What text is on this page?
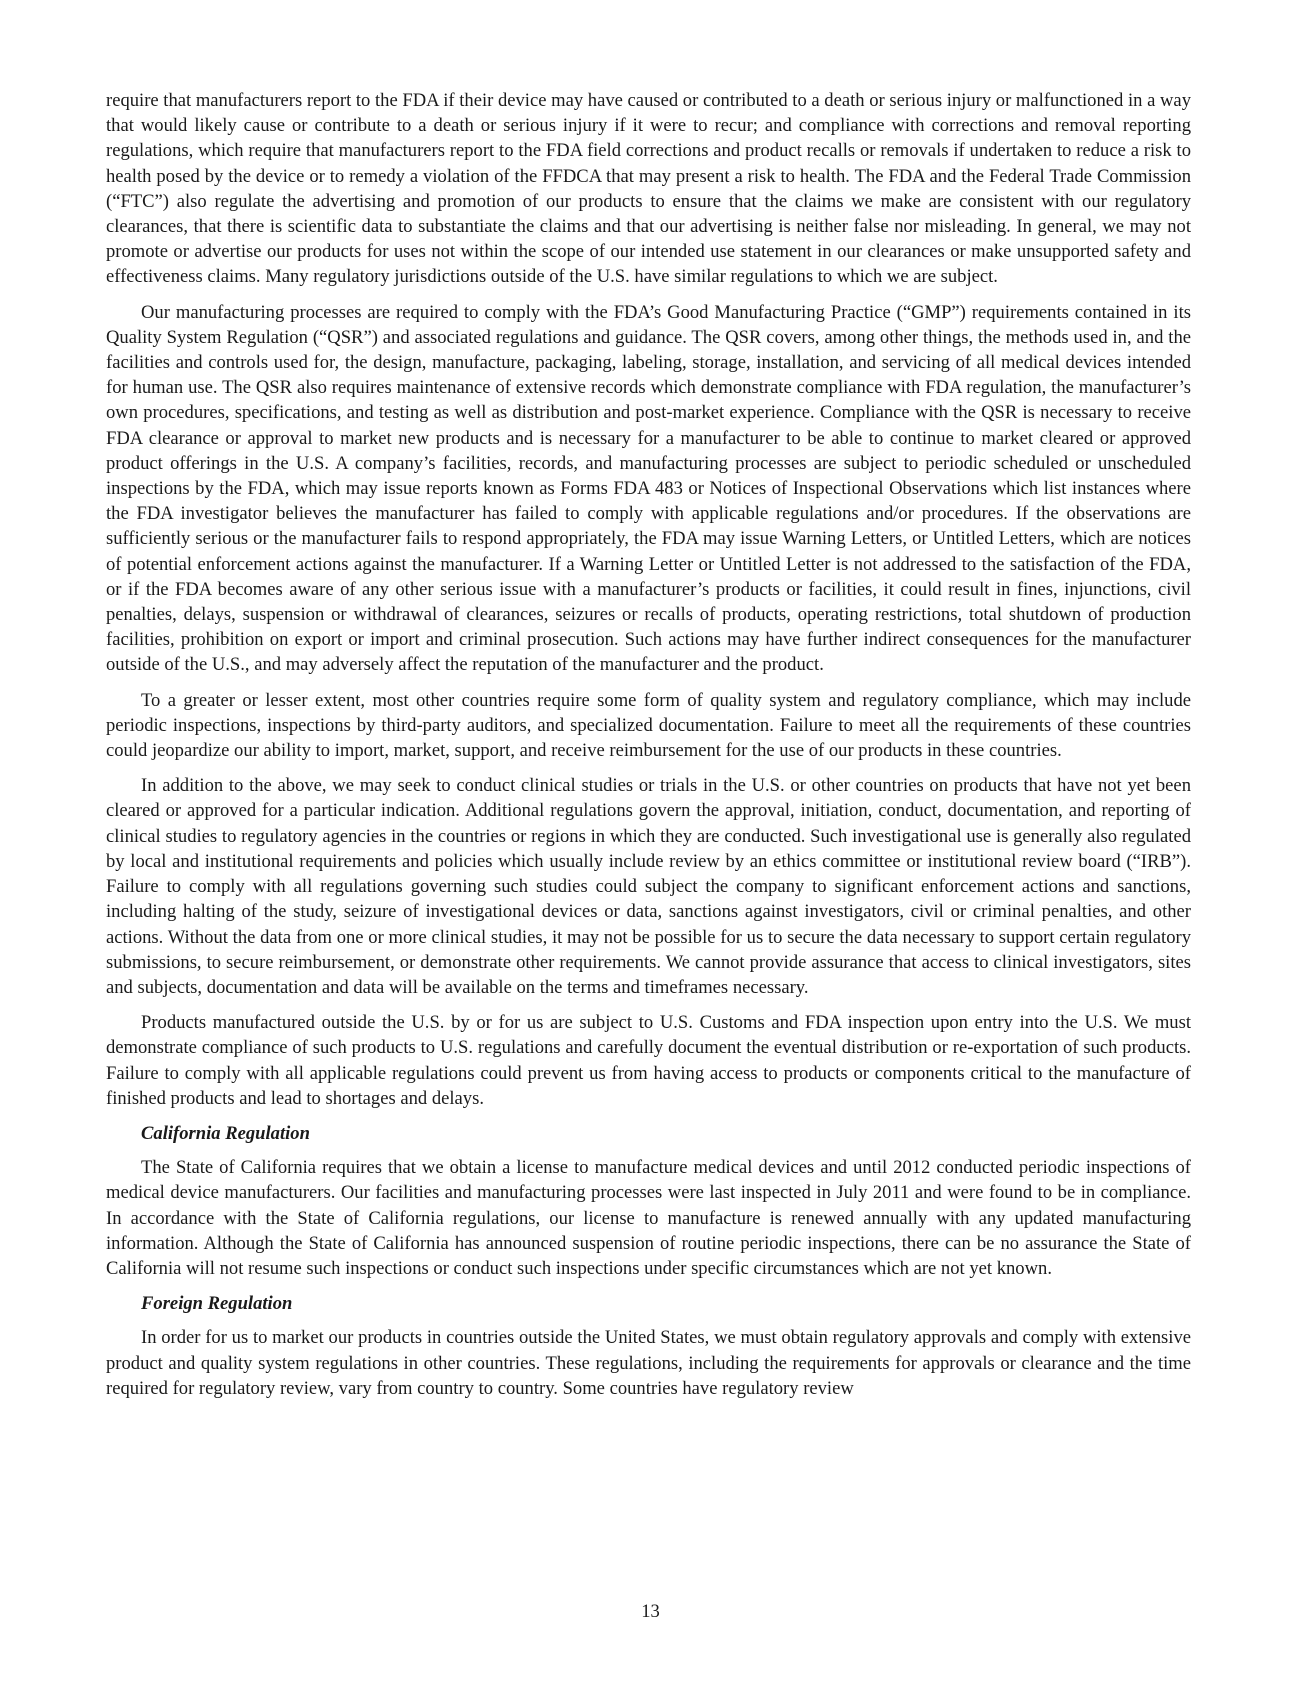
require that manufacturers report to the FDA if their device may have caused or contributed to a death or serious injury or malfunctioned in a way that would likely cause or contribute to a death or serious injury if it were to recur; and compliance with corrections and removal reporting regulations, which require that manufacturers report to the FDA field corrections and product recalls or removals if undertaken to reduce a risk to health posed by the device or to remedy a violation of the FFDCA that may present a risk to health. The FDA and the Federal Trade Commission (“FTC”) also regulate the advertising and promotion of our products to ensure that the claims we make are consistent with our regulatory clearances, that there is scientific data to substantiate the claims and that our advertising is neither false nor misleading. In general, we may not promote or advertise our products for uses not within the scope of our intended use statement in our clearances or make unsupported safety and effectiveness claims. Many regulatory jurisdictions outside of the U.S. have similar regulations to which we are subject.

Our manufacturing processes are required to comply with the FDA’s Good Manufacturing Practice (“GMP”) requirements contained in its Quality System Regulation (“QSR”) and associated regulations and guidance. The QSR covers, among other things, the methods used in, and the facilities and controls used for, the design, manufacture, packaging, labeling, storage, installation, and servicing of all medical devices intended for human use. The QSR also requires maintenance of extensive records which demonstrate compliance with FDA regulation, the manufacturer’s own procedures, specifications, and testing as well as distribution and post-market experience. Compliance with the QSR is necessary to receive FDA clearance or approval to market new products and is necessary for a manufacturer to be able to continue to market cleared or approved product offerings in the U.S. A company’s facilities, records, and manufacturing processes are subject to periodic scheduled or unscheduled inspections by the FDA, which may issue reports known as Forms FDA 483 or Notices of Inspectional Observations which list instances where the FDA investigator believes the manufacturer has failed to comply with applicable regulations and/or procedures. If the observations are sufficiently serious or the manufacturer fails to respond appropriately, the FDA may issue Warning Letters, or Untitled Letters, which are notices of potential enforcement actions against the manufacturer. If a Warning Letter or Untitled Letter is not addressed to the satisfaction of the FDA, or if the FDA becomes aware of any other serious issue with a manufacturer’s products or facilities, it could result in fines, injunctions, civil penalties, delays, suspension or withdrawal of clearances, seizures or recalls of products, operating restrictions, total shutdown of production facilities, prohibition on export or import and criminal prosecution. Such actions may have further indirect consequences for the manufacturer outside of the U.S., and may adversely affect the reputation of the manufacturer and the product.

To a greater or lesser extent, most other countries require some form of quality system and regulatory compliance, which may include periodic inspections, inspections by third-party auditors, and specialized documentation. Failure to meet all the requirements of these countries could jeopardize our ability to import, market, support, and receive reimbursement for the use of our products in these countries.

In addition to the above, we may seek to conduct clinical studies or trials in the U.S. or other countries on products that have not yet been cleared or approved for a particular indication. Additional regulations govern the approval, initiation, conduct, documentation, and reporting of clinical studies to regulatory agencies in the countries or regions in which they are conducted. Such investigational use is generally also regulated by local and institutional requirements and policies which usually include review by an ethics committee or institutional review board (“IRB”). Failure to comply with all regulations governing such studies could subject the company to significant enforcement actions and sanctions, including halting of the study, seizure of investigational devices or data, sanctions against investigators, civil or criminal penalties, and other actions. Without the data from one or more clinical studies, it may not be possible for us to secure the data necessary to support certain regulatory submissions, to secure reimbursement, or demonstrate other requirements. We cannot provide assurance that access to clinical investigators, sites and subjects, documentation and data will be available on the terms and timeframes necessary.

Products manufactured outside the U.S. by or for us are subject to U.S. Customs and FDA inspection upon entry into the U.S. We must demonstrate compliance of such products to U.S. regulations and carefully document the eventual distribution or re-exportation of such products. Failure to comply with all applicable regulations could prevent us from having access to products or components critical to the manufacture of finished products and lead to shortages and delays.

California Regulation

The State of California requires that we obtain a license to manufacture medical devices and until 2012 conducted periodic inspections of medical device manufacturers. Our facilities and manufacturing processes were last inspected in July 2011 and were found to be in compliance. In accordance with the State of California regulations, our license to manufacture is renewed annually with any updated manufacturing information. Although the State of California has announced suspension of routine periodic inspections, there can be no assurance the State of California will not resume such inspections or conduct such inspections under specific circumstances which are not yet known.

Foreign Regulation

In order for us to market our products in countries outside the United States, we must obtain regulatory approvals and comply with extensive product and quality system regulations in other countries. These regulations, including the requirements for approvals or clearance and the time required for regulatory review, vary from country to country. Some countries have regulatory review

13
